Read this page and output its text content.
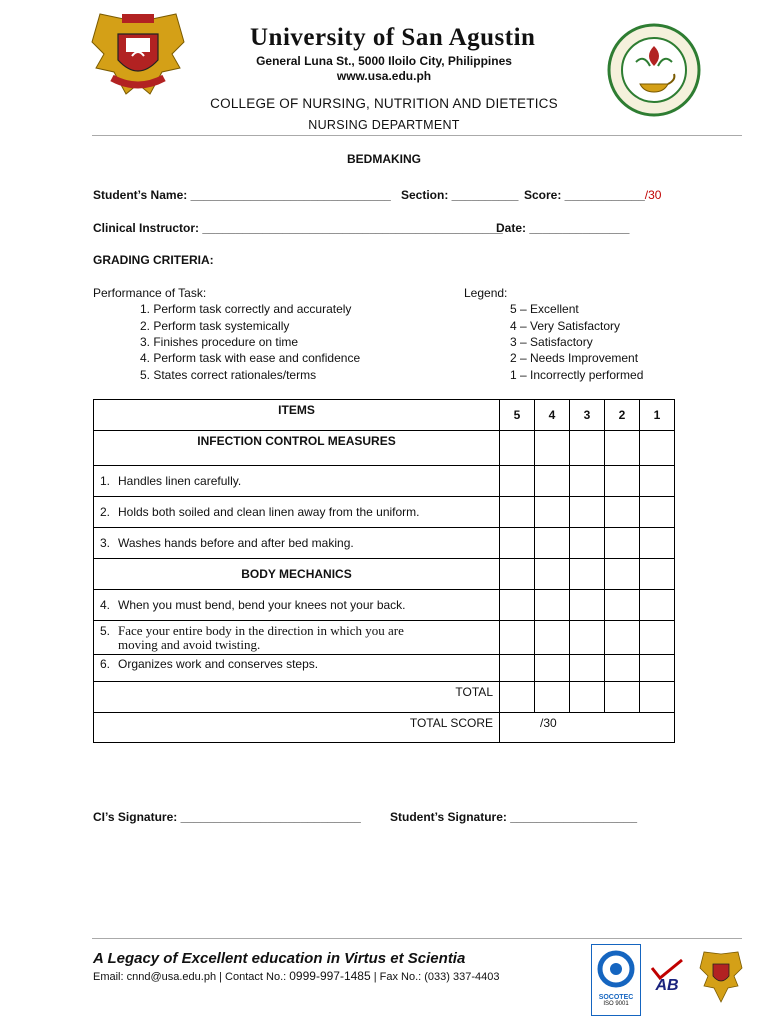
University of San Agustin
General Luna St., 5000 Iloilo City, Philippines
www.usa.edu.ph
COLLEGE OF NURSING, NUTRITION AND DIETETICS
NURSING DEPARTMENT
BEDMAKING
Student’s Name: ______________________________ Section: __________ Score: ____________/30
Clinical Instructor: _____________________________________________
Date: _______________
GRADING CRITERIA:
Performance of Task:
1. Perform task correctly and accurately
2. Perform task systemically
3. Finishes procedure on time
4. Perform task with ease and confidence
5. States correct rationales/terms
Legend:
5 – Excellent
4 – Very Satisfactory
3 – Satisfactory
2 – Needs Improvement
1 – Incorrectly performed
ITEMS	5	4	3	2	1
INFECTION CONTROL MEASURES					
1. Handles linen carefully.					
2. Holds both soiled and clean linen away from the uniform.					
3. Washes hands before and after bed making.					
BODY MECHANICS					
4. When you must bend, bend your knees not your back.					
5. Face your entire body in the direction in which you are
moving and avoid twisting.					
6. Organizes work and conserves steps.					
TOTAL					
TOTAL SCORE	/30				
CI’s Signature: ___________________________ Student’s Signature: ___________________
A Legacy of Excellent education in Virtus et Scientia
Email: cnnd@usa.edu.ph | Contact No.: 0999-997-1485 | Fax No.: (033) 337-4403
SOCOTEC
ISO 9001
AB
